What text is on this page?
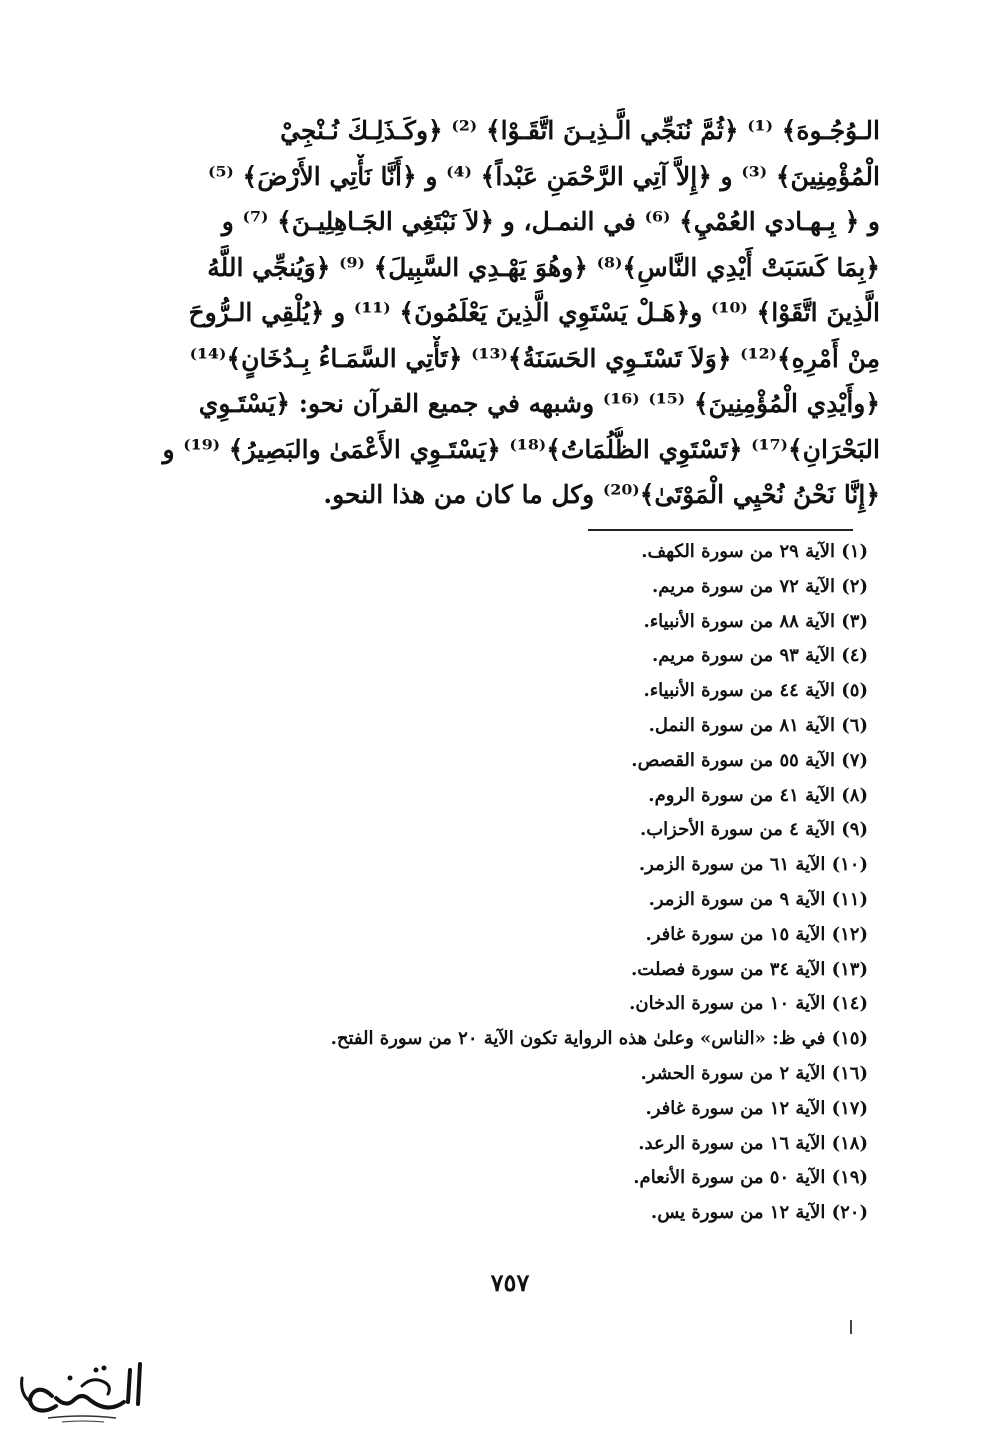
الـوُجُـوهَ﴾ ⁽¹⁾ ﴿ثُمَّ نُنَجِّي الَّـذِيـنَ اتَّقَـوْا﴾ ⁽²⁾ ﴿وكَـذَلِـكَ نُـنْجِيْ
الْمُؤْمِنِينَ﴾ ⁽³⁾ و ﴿إِلاَّ آتِي الرَّحْمَنِ عَبْداً﴾ ⁽⁴⁾ و ﴿أَنَّا نَأْتِي الأَرْضَ﴾ ⁽⁵⁾
و ﴿ بِـهـادي العُمْيِ﴾ ⁽⁶⁾ في النمـل، و ﴿لاَ نَبْتَغِي الجَـاهِلِيـنَ﴾ ⁽⁷⁾ و
﴿بِمَا كَسَبَتْ أَيْدِي النَّاسِ﴾⁽⁸⁾ ﴿وهُوَ يَهْـدِي السَّبِيلَ﴾ ⁽⁹⁾ ﴿وَيُنجِّي اللَّهُ
الَّذِينَ اتَّقَوْا﴾ ⁽¹⁰⁾ و﴿هَـلْ يَسْتَوِي الَّذِينَ يَعْلَمُونَ﴾ ⁽¹¹⁾ و ﴿يُلْقِي الـرُّوحَ
مِنْ أَمْرِهِ﴾⁽¹²⁾ ﴿وَلاَ تَسْتَـوِي الحَسَنَةُ﴾⁽¹³⁾ ﴿تَأْتِي السَّمَـاءُ بِـدُخَانٍ﴾⁽¹⁴⁾
﴿وأَيْدِي الْمُؤْمِنِينَ﴾ ⁽¹⁵⁾ ⁽¹⁶⁾ وشبهه في جميع القرآن نحو: ﴿يَسْتَـوِي
البَحْرَانِ﴾⁽¹⁷⁾ ﴿تَسْتَوِي الظُّلُمَاتُ﴾⁽¹⁸⁾ ﴿يَسْتَـوِي الأَعْمَىٰ والبَصِيرُ﴾ ⁽¹⁹⁾ و
﴿إِنَّا نَحْنُ نُحْيِي الْمَوْتَىٰ﴾⁽²⁰⁾ وكل ما كان من هذا النحو.
(١) الآية ٢٩ من سورة الكهف.
(٢) الآية ٧٢ من سورة مريم.
(٣) الآية ٨٨ من سورة الأنبياء.
(٤) الآية ٩٣ من سورة مريم.
(٥) الآية ٤٤ من سورة الأنبياء.
(٦) الآية ٨١ من سورة النمل.
(٧) الآية ٥٥ من سورة القصص.
(٨) الآية ٤١ من سورة الروم.
(٩) الآية ٤ من سورة الأحزاب.
(١٠) الآية ٦١ من سورة الزمر.
(١١) الآية ٩ من سورة الزمر.
(١٢) الآية ١٥ من سورة غافر.
(١٣) الآية ٣٤ من سورة فصلت.
(١٤) الآية ١٠ من سورة الدخان.
(١٥) في ظ: «الناس» وعلىٰ هذه الرواية تكون الآية ٢٠ من سورة الفتح.
(١٦) الآية ٢ من سورة الحشر.
(١٧) الآية ١٢ من سورة غافر.
(١٨) الآية ١٦ من سورة الرعد.
(١٩) الآية ٥٠ من سورة الأنعام.
(٢٠) الآية ١٢ من سورة يس.
٧٥٧
